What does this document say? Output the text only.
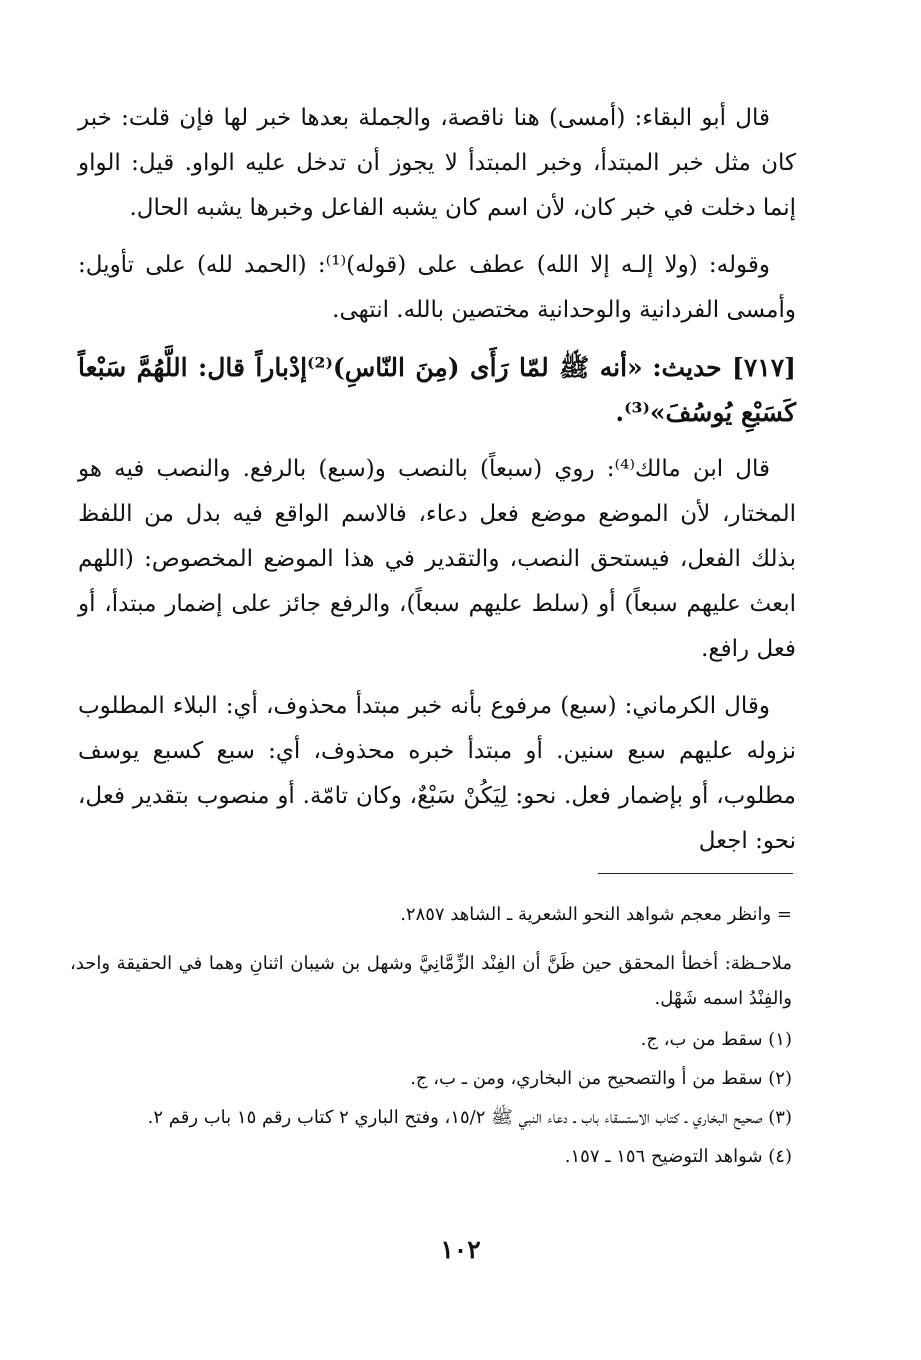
قال أبو البقاء: (أمسى) هنا ناقصة، والجملة بعدها خبر لها فإن قلت: خبر كان مثل خبر المبتدأ، وخبر المبتدأ لا يجوز أن تدخل عليه الواو. قيل: الواو إنما دخلت في خبر كان، لأن اسم كان يشبه الفاعل وخبرها يشبه الحال.

وقوله: (ولا إلـه إلا الله) عطف على (قوله)⁽¹⁾: (الحمد لله) على تأويل: وأمسى الفردانية والوحدانية مختصين بالله. انتهى.

[٧١٧] حديث: «أنه ﷺ لمّا رَأَى (مِنَ النّاسِ)⁽²⁾إدْباراً قال: اللَّهُمَّ سَبْعاً كَسَبْعِ يُوسُفَ»⁽³⁾.

قال ابن مالك⁽⁴⁾: روي (سبعاً) بالنصب و(سبع) بالرفع. والنصب فيه هو المختار، لأن الموضع موضع فعل دعاء، فالاسم الواقع فيه بدل من اللفظ بذلك الفعل، فيستحق النصب، والتقدير في هذا الموضع المخصوص: (اللهم ابعث عليهم سبعاً) أو (سلط عليهم سبعاً)، والرفع جائز على إضمار مبتدأ، أو فعل رافع.

وقال الكرماني: (سبع) مرفوع بأنه خبر مبتدأ محذوف، أي: البلاء المطلوب نزوله عليهم سبع سنين. أو مبتدأ خبره محذوف، أي: سبع كسبع يوسف مطلوب، أو بإضمار فعل. نحو: لِيَكُنْ سَبْعٌ، وكان تامّة. أو منصوب بتقدير فعل، نحو: اجعل

= وانظر معجم شواهد النحو الشعرية ـ الشاهد ٢٨٥٧.

ملاحـظة: أخطأ المحقق حين ظَنَّ أن الفِنْد الزِّمَّانِيَّ وشهل بن شيبان اثنانِ وهما في الحقيقة واحد، والفِنْدُ اسمه شَهْل.

(١) سقط من ب، ج.

(٢) سقط من أ والتصحيح من البخاري، ومن ـ ب، ج.

(٣) صحيح البخاري ـ كتاب الاستسقاء باب ـ دعاء النبي ﷺ ١٥/٢، وفتح الباري ٢ كتاب رقم ١٥ باب رقم ٢.

(٤) شواهد التوضيح ١٥٦ ـ ١٥٧.

١٠٢
